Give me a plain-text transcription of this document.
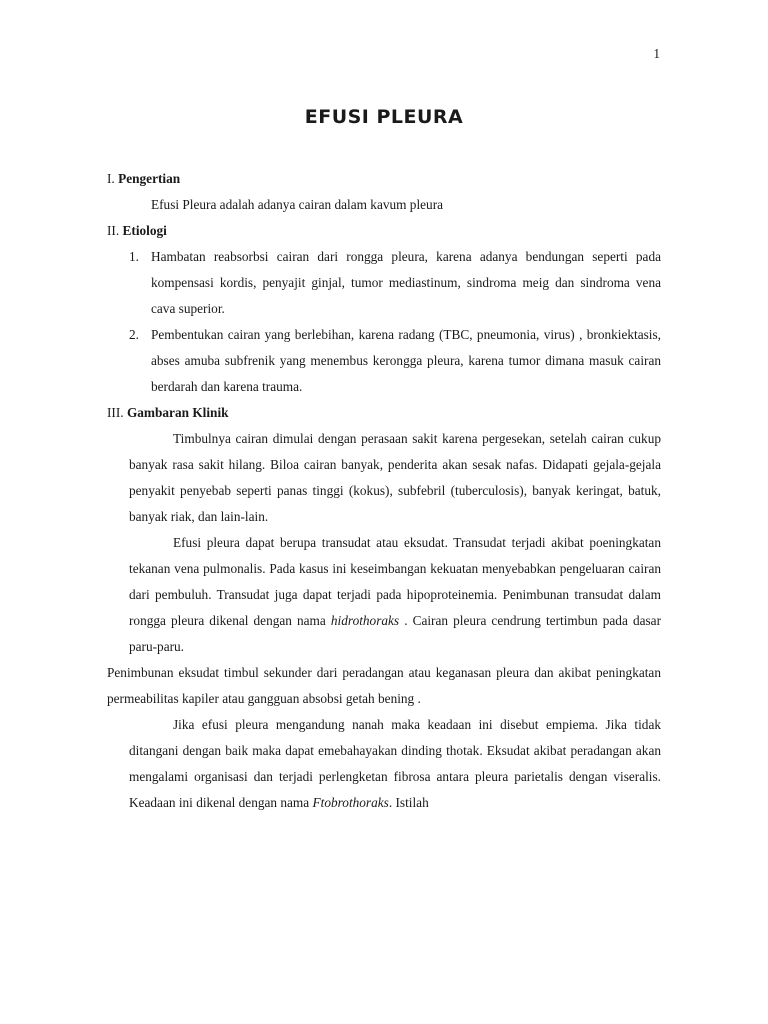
1
EFUSI PLEURA
I. Pengertian
Efusi Pleura adalah adanya cairan dalam kavum pleura
II. Etiologi
1. Hambatan reabsorbsi cairan dari rongga pleura, karena adanya bendungan seperti pada kompensasi kordis, penyajit ginjal, tumor mediastinum, sindroma meig dan sindroma vena cava superior.
2. Pembentukan cairan yang berlebihan, karena radang (TBC, pneumonia, virus) , bronkiektasis, abses amuba subfrenik yang menembus kerongga pleura, karena tumor dimana masuk cairan berdarah dan karena trauma.
III. Gambaran Klinik
Timbulnya cairan dimulai dengan perasaan sakit karena pergesekan, setelah cairan cukup banyak rasa sakit hilang. Biloa cairan banyak, penderita akan sesak nafas. Didapati gejala-gejala penyakit penyebab seperti panas tinggi (kokus), subfebril (tuberculosis), banyak keringat, batuk, banyak riak, dan lain-lain.
Efusi pleura dapat berupa transudat atau eksudat. Transudat terjadi akibat poeningkatan tekanan vena pulmonalis. Pada kasus ini keseimbangan kekuatan menyebabkan pengeluaran cairan dari pembuluh. Transudat juga dapat terjadi pada hipoproteinemia. Penimbunan transudat dalam rongga pleura dikenal dengan nama hidrothoraks . Cairan pleura cendrung tertimbun pada dasar paru-paru.
Penimbunan eksudat timbul sekunder dari peradangan atau keganasan pleura dan akibat peningkatan permeabilitas kapiler atau gangguan absobsi getah bening .
Jika efusi pleura mengandung nanah maka keadaan ini disebut empiema. Jika tidak ditangani dengan baik maka dapat emebahayakan dinding thotak. Eksudat akibat peradangan akan mengalami organisasi dan terjadi perlengketan fibrosa antara pleura parietalis dengan viseralis. Keadaan ini dikenal dengan nama Ftobrothoraks. Istilah
